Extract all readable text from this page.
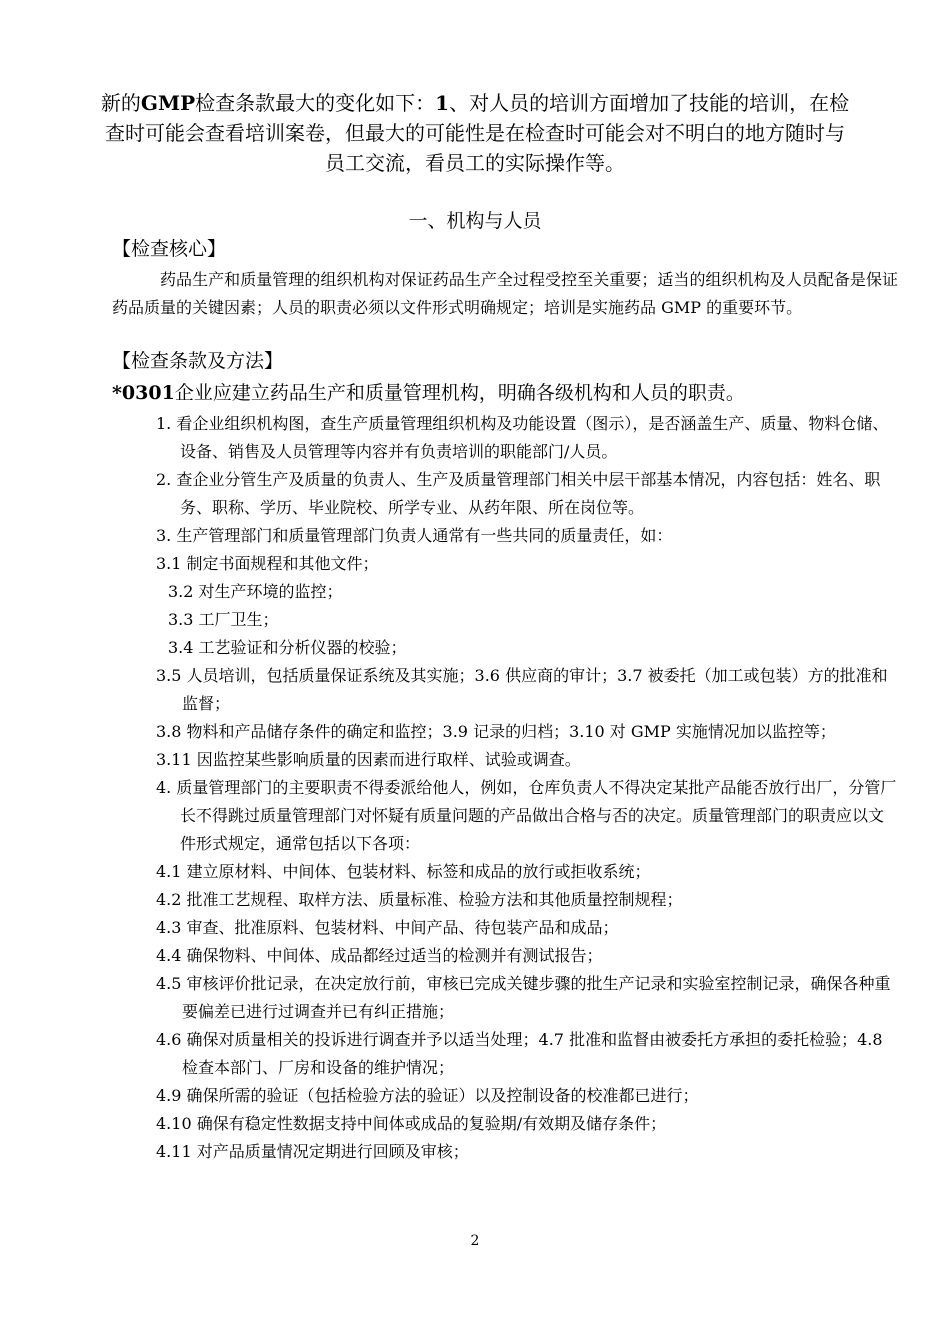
新的GMP检查条款最大的变化如下：1、对人员的培训方面增加了技能的培训，在检查时可能会查看培训案卷，但最大的可能性是在检查时可能会对不明白的地方随时与员工交流，看员工的实际操作等。
一、机构与人员
【检查核心】
药品生产和质量管理的组织机构对保证药品生产全过程受控至关重要；适当的组织机构及人员配备是保证药品质量的关键因素；人员的职责必须以文件形式明确规定；培训是实施药品 GMP 的重要环节。
【检查条款及方法】
*0301企业应建立药品生产和质量管理机构，明确各级机构和人员的职责。
1. 看企业组织机构图，查生产质量管理组织机构及功能设置（图示），是否涵盖生产、质量、物料仓储、设备、销售及人员管理等内容并有负责培训的职能部门/人员。
2. 查企业分管生产及质量的负责人、生产及质量管理部门相关中层干部基本情况，内容包括：姓名、职务、职称、学历、毕业院校、所学专业、从药年限、所在岗位等。
3. 生产管理部门和质量管理部门负责人通常有一些共同的质量责任，如：
3.1 制定书面规程和其他文件；
3.2 对生产环境的监控；
3.3 工厂卫生；
3.4 工艺验证和分析仪器的校验；
3.5 人员培训，包括质量保证系统及其实施；3.6 供应商的审计；3.7 被委托（加工或包装）方的批准和监督；
3.8 物料和产品储存条件的确定和监控；3.9 记录的归档；3.10 对 GMP 实施情况加以监控等；
3.11 因监控某些影响质量的因素而进行取样、试验或调查。
4. 质量管理部门的主要职责不得委派给他人，例如，仓库负责人不得决定某批产品能否放行出厂，分管厂长不得跳过质量管理部门对怀疑有质量问题的产品做出合格与否的决定。质量管理部门的职责应以文件形式规定，通常包括以下各项：
4.1 建立原材料、中间体、包装材料、标签和成品的放行或拒收系统；
4.2 批准工艺规程、取样方法、质量标准、检验方法和其他质量控制规程；
4.3 审查、批准原料、包装材料、中间产品、待包装产品和成品；
4.4 确保物料、中间体、成品都经过适当的检测并有测试报告；
4.5 审核评价批记录，在决定放行前，审核已完成关键步骤的批生产记录和实验室控制记录，确保各种重要偏差已进行过调查并已有纠正措施；
4.6 确保对质量相关的投诉进行调查并予以适当处理；4.7 批准和监督由被委托方承担的委托检验；4.8 检查本部门、厂房和设备的维护情况；
4.9 确保所需的验证（包括检验方法的验证）以及控制设备的校准都已进行；
4.10 确保有稳定性数据支持中间体或成品的复验期/有效期及储存条件；
4.11 对产品质量情况定期进行回顾及审核；
2
